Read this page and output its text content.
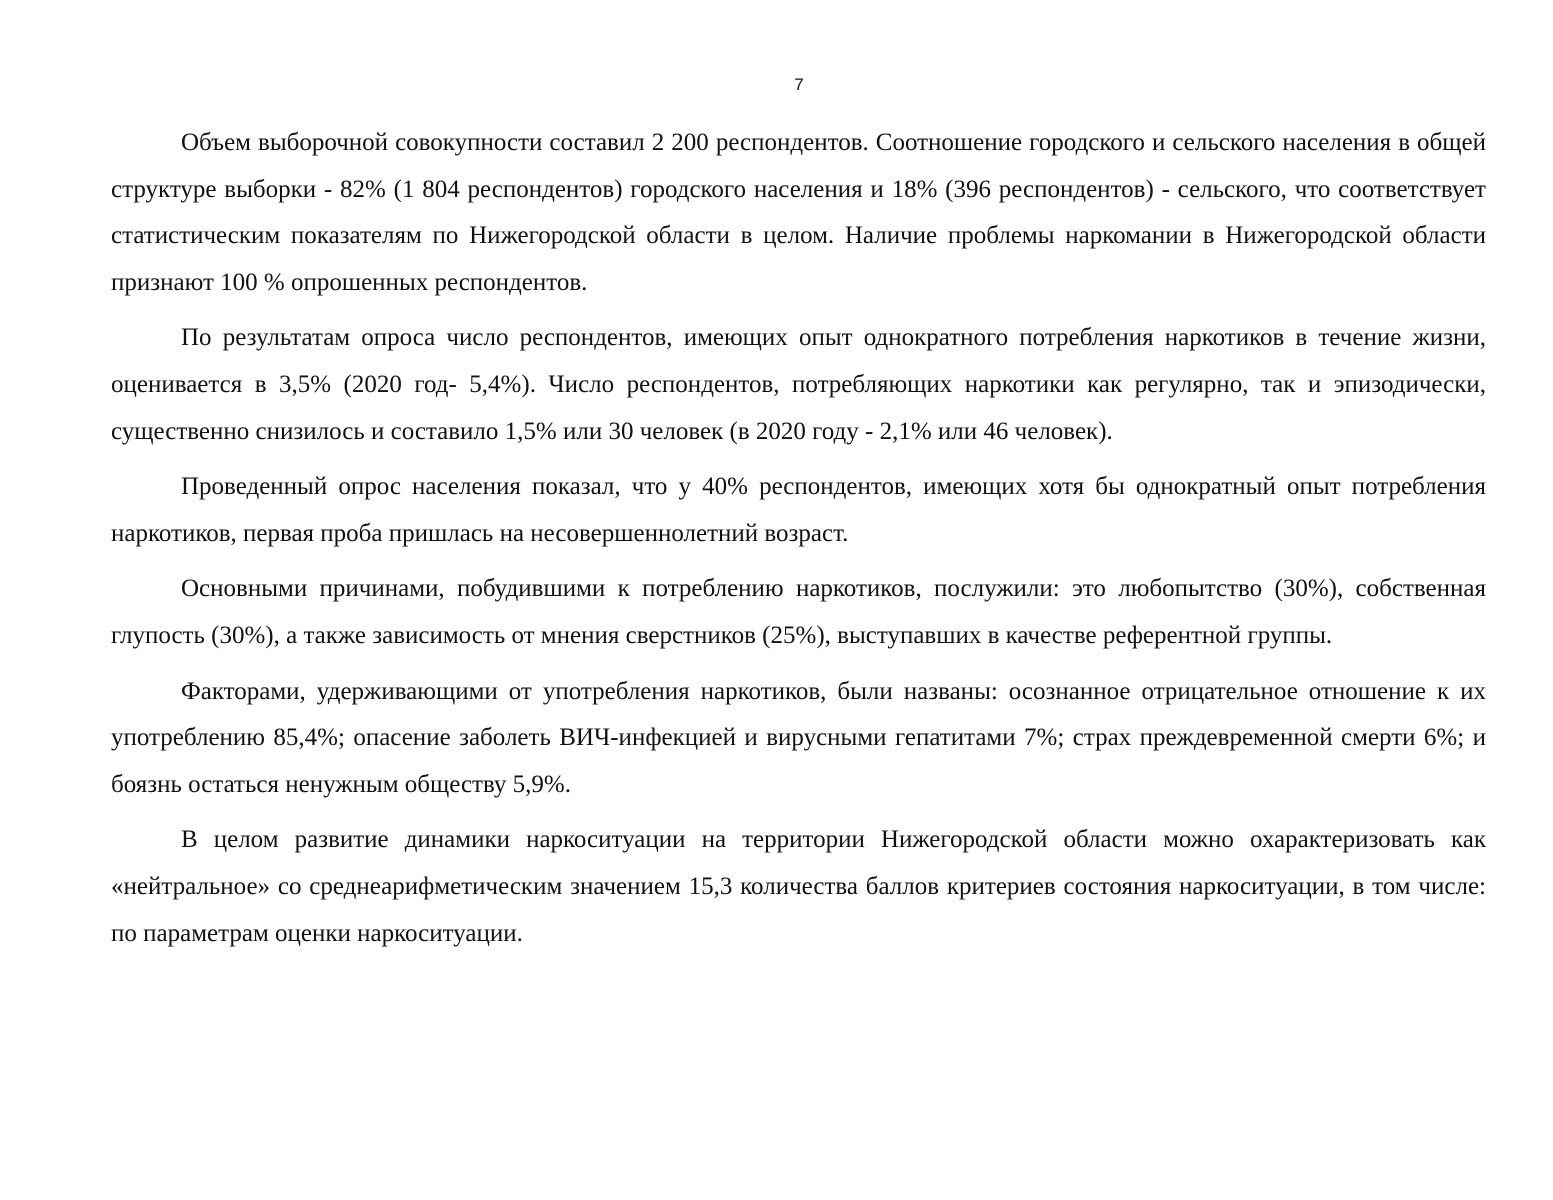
7

Объем выборочной совокупности составил 2 200 респондентов. Соотношение городского и сельского населения в общей структуре выборки - 82% (1 804 респондентов) городского населения и 18% (396 респондентов) - сельского, что соответствует статистическим показателям по Нижегородской области в целом. Наличие проблемы наркомании в Нижегородской области признают 100 % опрошенных респондентов.

По результатам опроса число респондентов, имеющих опыт однократного потребления наркотиков в течение жизни, оценивается в 3,5% (2020 год- 5,4%). Число респондентов, потребляющих наркотики как регулярно, так и эпизодически, существенно снизилось и составило 1,5% или 30 человек (в 2020 году - 2,1% или 46 человек).

Проведенный опрос населения показал, что у 40% респондентов, имеющих хотя бы однократный опыт потребления наркотиков, первая проба пришлась на несовершеннолетний возраст.

Основными причинами, побудившими к потреблению наркотиков, послужили: это любопытство (30%), собственная глупость (30%), а также зависимость от мнения сверстников (25%), выступавших в качестве референтной группы.

Факторами, удерживающими от употребления наркотиков, были названы: осознанное отрицательное отношение к их употреблению 85,4%; опасение заболеть ВИЧ-инфекцией и вирусными гепатитами 7%; страх преждевременной смерти 6%; и боязнь остаться ненужным обществу 5,9%.

В целом развитие динамики наркоситуации на территории Нижегородской области можно охарактеризовать как «нейтральное» со среднеарифметическим значением 15,3 количества баллов критериев состояния наркоситуации, в том числе: по параметрам оценки наркоситуации.
